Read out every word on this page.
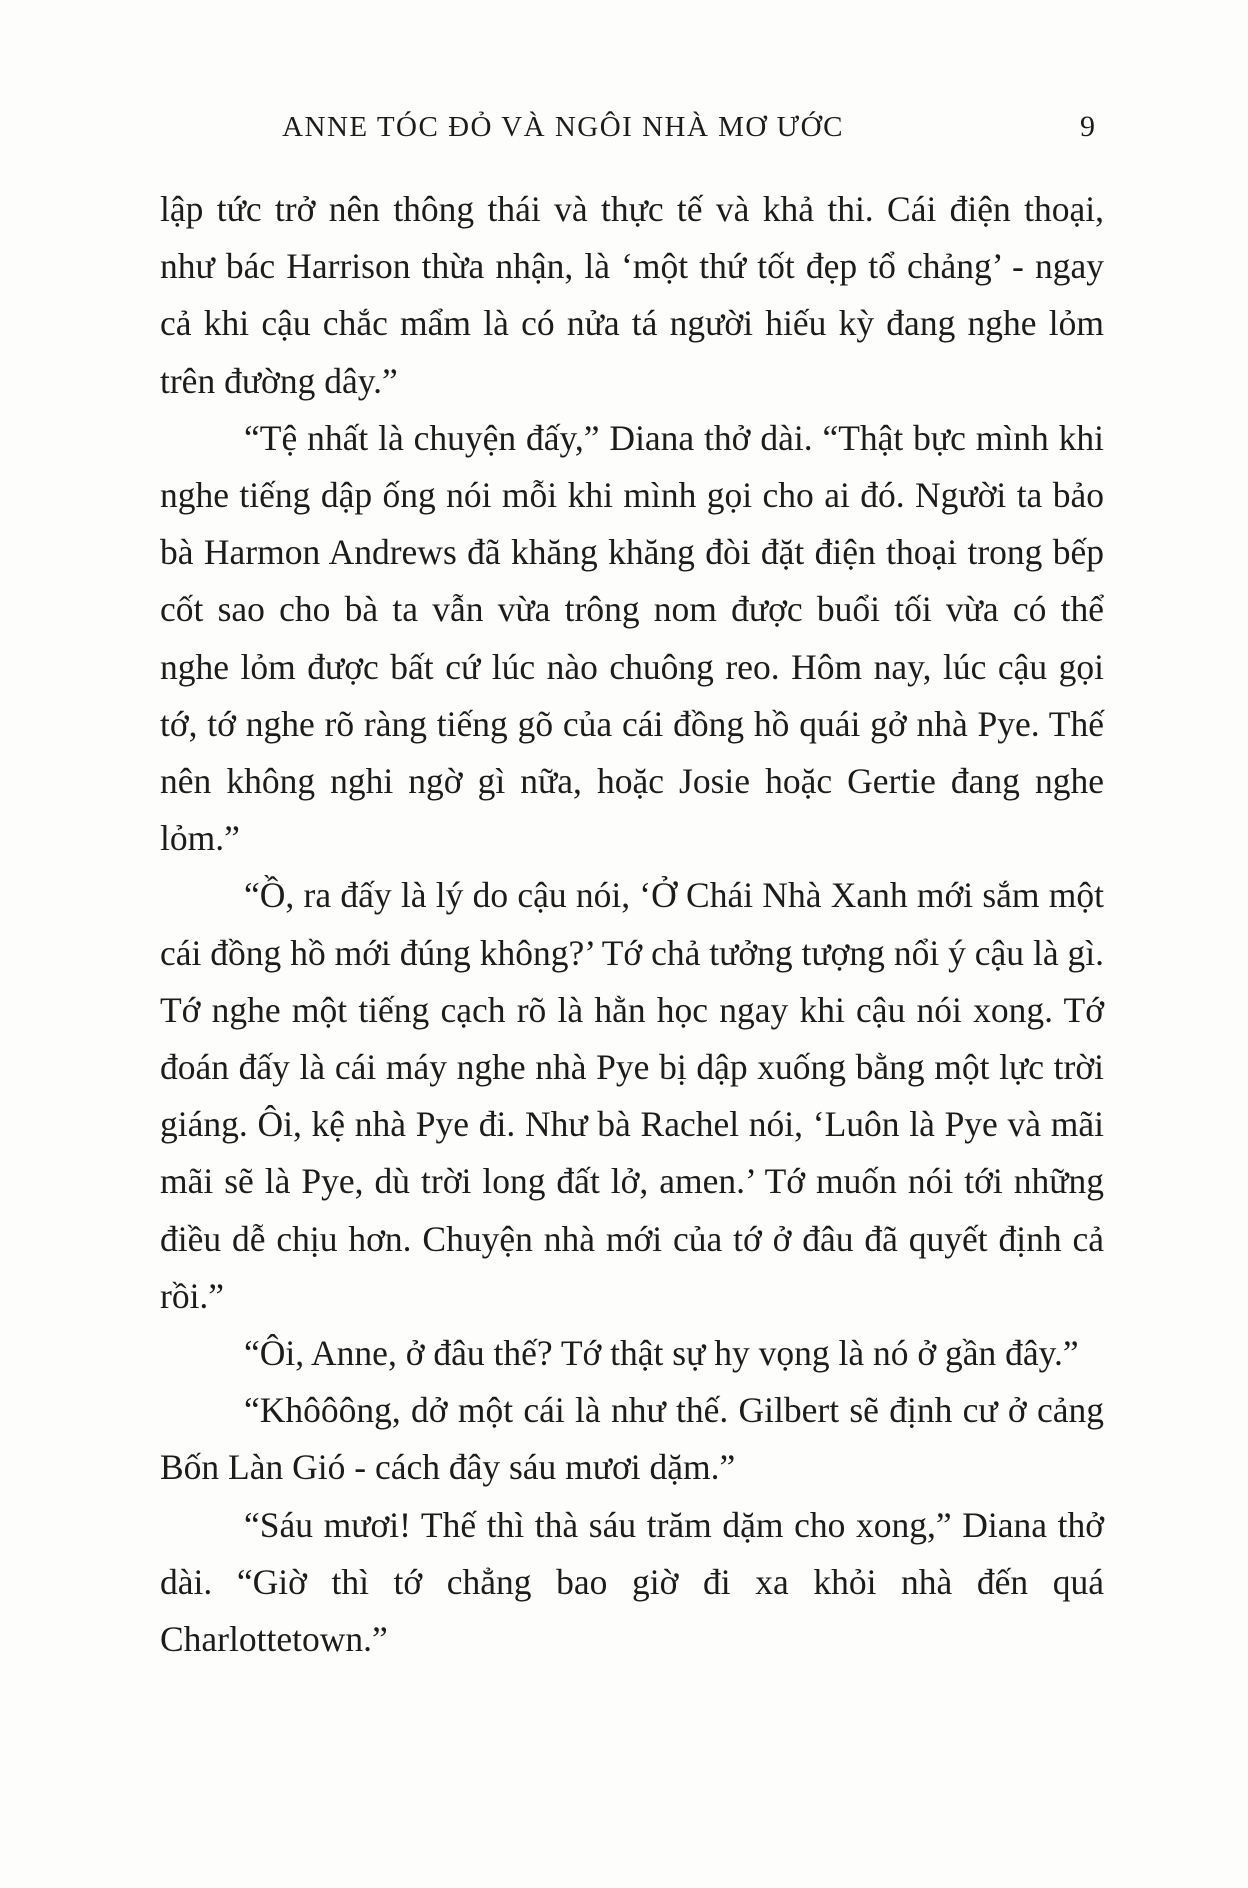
ANNE TÓC ĐỎ VÀ NGÔI NHÀ MƠ ƯỚC	9

lập tức trở nên thông thái và thực tế và khả thi. Cái điện thoại, như bác Harrison thừa nhận, là ‘một thứ tốt đẹp tổ chảng’ - ngay cả khi cậu chắc mẩm là có nửa tá người hiếu kỳ đang nghe lỏm trên đường dây.”

“Tệ nhất là chuyện đấy,” Diana thở dài. “Thật bực mình khi nghe tiếng dập ống nói mỗi khi mình gọi cho ai đó. Người ta bảo bà Harmon Andrews đã khăng khăng đòi đặt điện thoại trong bếp cốt sao cho bà ta vẫn vừa trông nom được buổi tối vừa có thể nghe lỏm được bất cứ lúc nào chuông reo. Hôm nay, lúc cậu gọi tớ, tớ nghe rõ ràng tiếng gõ của cái đồng hồ quái gở nhà Pye. Thế nên không nghi ngờ gì nữa, hoặc Josie hoặc Gertie đang nghe lỏm.”

“Ồ, ra đấy là lý do cậu nói, ‘Ở Chái Nhà Xanh mới sắm một cái đồng hồ mới đúng không?’ Tớ chả tưởng tượng nổi ý cậu là gì. Tớ nghe một tiếng cạch rõ là hằn học ngay khi cậu nói xong. Tớ đoán đấy là cái máy nghe nhà Pye bị dập xuống bằng một lực trời giáng. Ôi, kệ nhà Pye đi. Như bà Rachel nói, ‘Luôn là Pye và mãi mãi sẽ là Pye, dù trời long đất lở, amen.’ Tớ muốn nói tới những điều dễ chịu hơn. Chuyện nhà mới của tớ ở đâu đã quyết định cả rồi.”

“Ôi, Anne, ở đâu thế? Tớ thật sự hy vọng là nó ở gần đây.”

“Khôôông, dở một cái là như thế. Gilbert sẽ định cư ở cảng Bốn Làn Gió - cách đây sáu mươi dặm.”

“Sáu mươi! Thế thì thà sáu trăm dặm cho xong,” Diana thở dài. “Giờ thì tớ chẳng bao giờ đi xa khỏi nhà đến quá Charlottetown.”
